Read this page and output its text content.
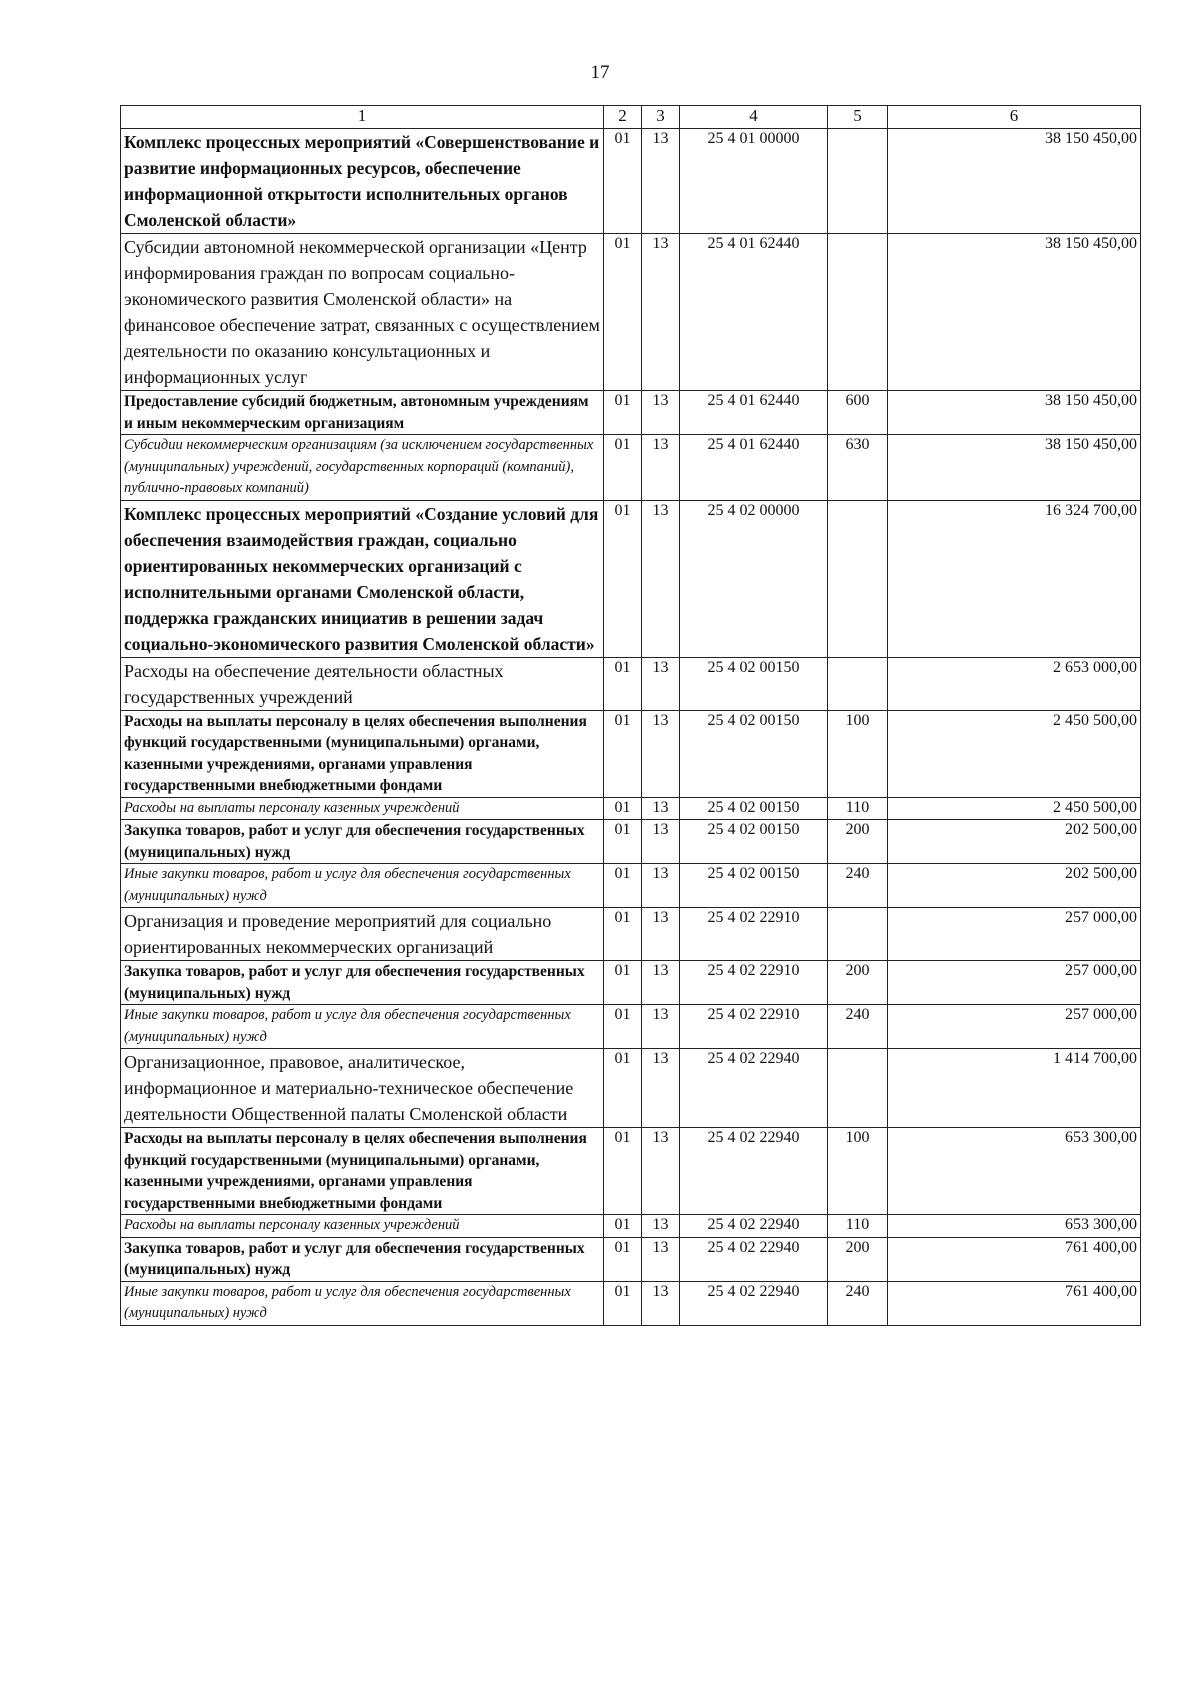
17
1	2	3	4	5	6
Комплекс процессных мероприятий «Совершенствование и развитие информационных ресурсов, обеспечение информационной открытости исполнительных органов Смоленской области»	01	13	25 4 01 00000		38 150 450,00
Субсидии автономной некоммерческой организации «Центр информирования граждан по вопросам социально-экономического развития Смоленской области» на финансовое обеспечение затрат, связанных с осуществлением деятельности по оказанию консультационных и информационных услуг	01	13	25 4 01 62440		38 150 450,00
Предоставление субсидий бюджетным, автономным учреждениям и иным некоммерческим организациям	01	13	25 4 01 62440	600	38 150 450,00
Субсидии некоммерческим организациям (за исключением государственных (муниципальных) учреждений, государственных корпораций (компаний), публично-правовых компаний)	01	13	25 4 01 62440	630	38 150 450,00
Комплекс процессных мероприятий «Создание условий для обеспечения взаимодействия граждан, социально ориентированных некоммерческих организаций с исполнительными органами Смоленской области, поддержка гражданских инициатив в решении задач социально-экономического развития Смоленской области»	01	13	25 4 02 00000		16 324 700,00
Расходы на обеспечение деятельности областных государственных учреждений	01	13	25 4 02 00150		2 653 000,00
Расходы на выплаты персоналу в целях обеспечения выполнения функций государственными (муниципальными) органами, казенными учреждениями, органами управления государственными внебюджетными фондами	01	13	25 4 02 00150	100	2 450 500,00
Расходы на выплаты персоналу казенных учреждений	01	13	25 4 02 00150	110	2 450 500,00
Закупка товаров, работ и услуг для обеспечения государственных (муниципальных) нужд	01	13	25 4 02 00150	200	202 500,00
Иные закупки товаров, работ и услуг для обеспечения государственных (муниципальных) нужд	01	13	25 4 02 00150	240	202 500,00
Организация и проведение мероприятий для социально ориентированных некоммерческих организаций	01	13	25 4 02 22910		257 000,00
Закупка товаров, работ и услуг для обеспечения государственных (муниципальных) нужд	01	13	25 4 02 22910	200	257 000,00
Иные закупки товаров, работ и услуг для обеспечения государственных (муниципальных) нужд	01	13	25 4 02 22910	240	257 000,00
Организационное, правовое, аналитическое, информационное и материально-техническое обеспечение деятельности Общественной палаты Смоленской области	01	13	25 4 02 22940		1 414 700,00
Расходы на выплаты персоналу в целях обеспечения выполнения функций государственными (муниципальными) органами, казенными учреждениями, органами управления государственными внебюджетными фондами	01	13	25 4 02 22940	100	653 300,00
Расходы на выплаты персоналу казенных учреждений	01	13	25 4 02 22940	110	653 300,00
Закупка товаров, работ и услуг для обеспечения государственных (муниципальных) нужд	01	13	25 4 02 22940	200	761 400,00
Иные закупки товаров, работ и услуг для обеспечения государственных (муниципальных) нужд	01	13	25 4 02 22940	240	761 400,00
